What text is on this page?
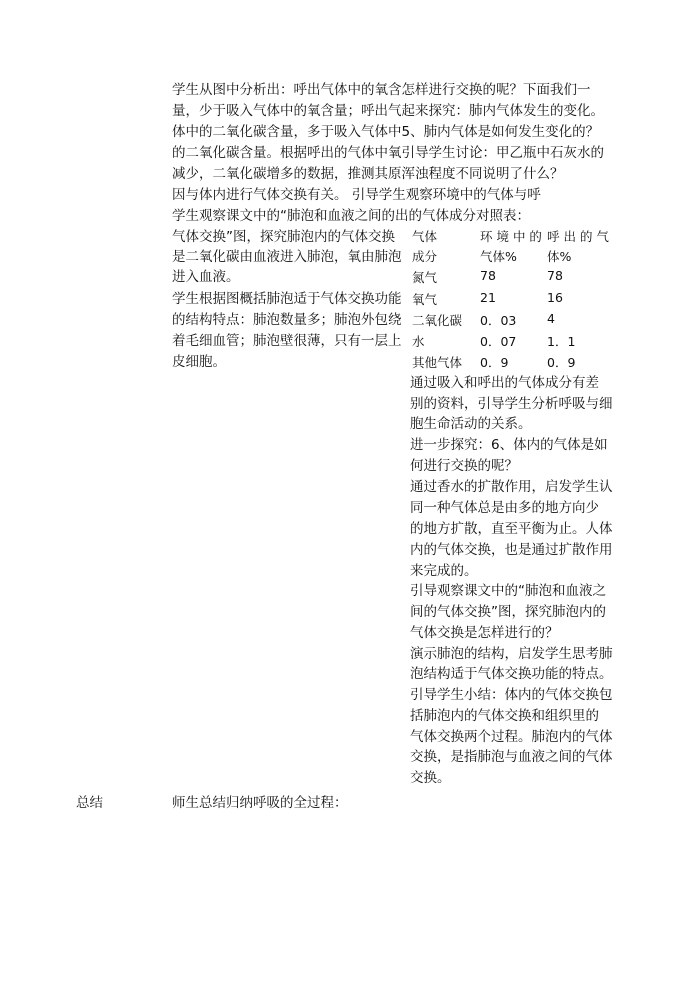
学生从图中分析出：呼出气体中的氧含怎样进行交换的呢？下面我们一
量，少于吸入气体中的氧含量；呼出气起来探究：肺内气体发生的变化。
体中的二氧化碳含量，多于吸入气体中5、肺内气体是如何发生变化的？
的二氧化碳含量。根据呼出的气体中氧引导学生讨论：甲乙瓶中石灰水的
减少，二氧化碳增多的数据，推测其原浑浊程度不同说明了什么？
因与体内进行气体交换有关。 引导学生观察环境中的气体与呼
学生观察课文中的“肺泡和血液之间的出的气体成分对照表：
气体交换”图，探究肺泡内的气体交换
是二氧化碳由血液进入肺泡，氧由肺泡
进入血液。
学生根据图概括肺泡适于气体交换功能
的结构特点：肺泡数量多；肺泡外包绕
着毛细血管；肺泡壁很薄，只有一层上
皮细胞。
气体	环 境 中 的 呼 出 的 气
成分	气体% 体%
氮气	78	78
氧气	21	16
二氧化碳 0．03 4
水	0．07 1．1
其他气体 0．9	0．9
通过吸入和呼出的气体成分有差
别的资料，引导学生分析呼吸与细
胞生命活动的关系。
进一步探究：6、体内的气体是如
何进行交换的呢？
通过香水的扩散作用，启发学生认
同一种气体总是由多的地方向少
的地方扩散，直至平衡为止。人体
内的气体交换，也是通过扩散作用
来完成的。
引导观察课文中的“肺泡和血液之
间的气体交换”图，探究肺泡内的
气体交换是怎样进行的？
演示肺泡的结构，启发学生思考肺
泡结构适于气体交换功能的特点。
引导学生小结：体内的气体交换包
括肺泡内的气体交换和组织里的
气体交换两个过程。肺泡内的气体
交换，是指肺泡与血液之间的气体
交换。
总结	师生总结归纳呼吸的全过程：
